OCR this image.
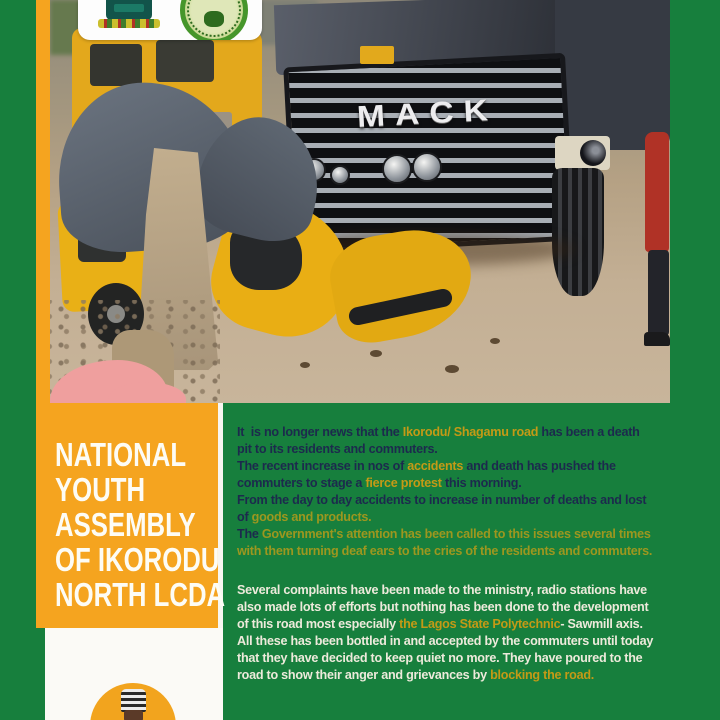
MACK
NATIONAL
YOUTH
ASSEMBLY
OF IKORODU
NORTH LCDA
It  is no longer news that the Ikorodu/ Shagamu road has been a death
pit to its residents and commuters.
The recent increase in nos of accidents and death has pushed the
commuters to stage a fierce protest this morning.
From the day to day accidents to increase in number of deaths and lost
of goods and products.
The Government's attention has been called to this issues several times
with them turning deaf ears to the cries of the residents and commuters.
Several complaints have been made to the ministry, radio stations have
also made lots of efforts but nothing has been done to the development
of this road most especially the Lagos State Polytechnic- Sawmill axis.
All these has been bottled in and accepted by the commuters until today
that they have decided to keep quiet no more. They have poured to the
road to show their anger and grievances by blocking the road.
